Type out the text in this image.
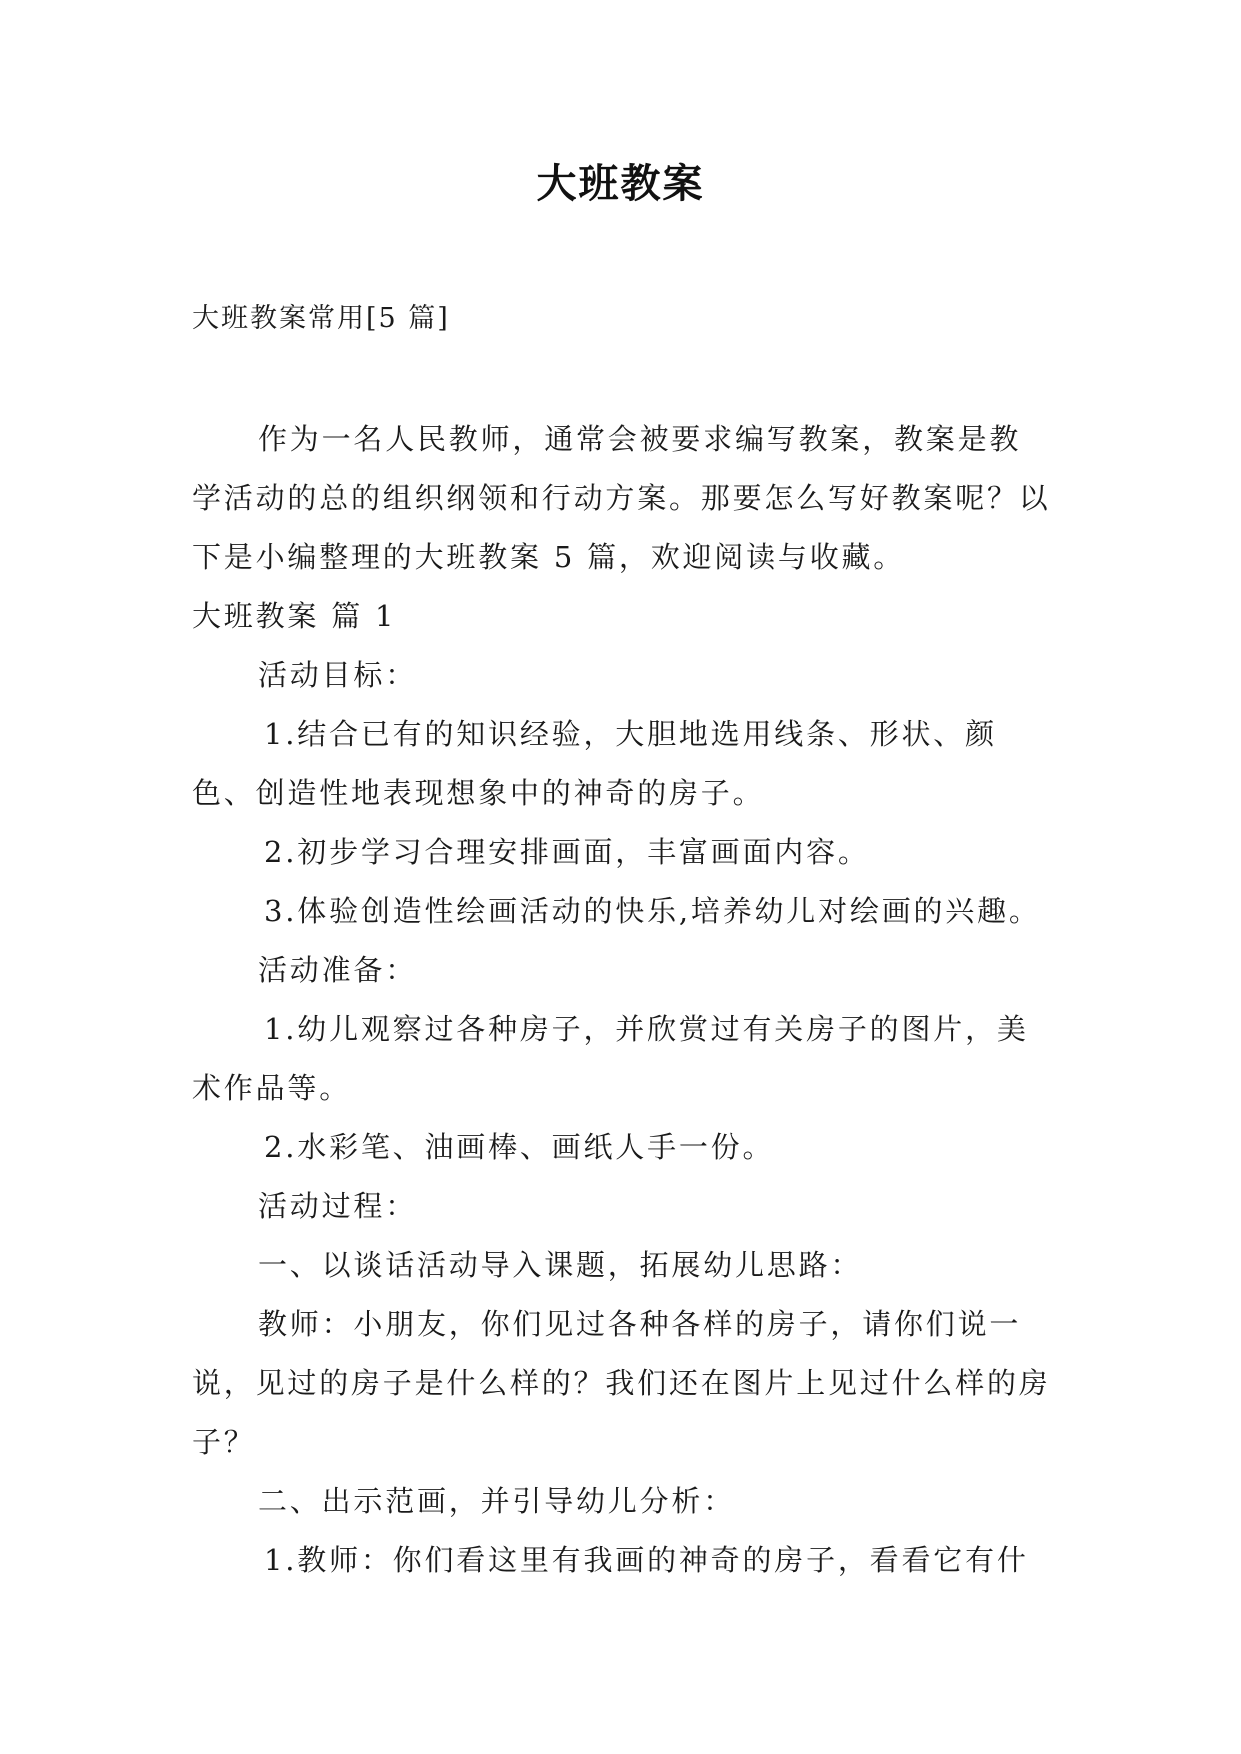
大班教案
大班教案常用[5 篇]

作为一名人民教师，通常会被要求编写教案，教案是教学活动的总的组织纲领和行动方案。那要怎么写好教案呢？以下是小编整理的大班教案 5 篇，欢迎阅读与收藏。

大班教案 篇 1

活动目标：

1.结合已有的知识经验，大胆地选用线条、形状、颜色、创造性地表现想象中的神奇的房子。

2.初步学习合理安排画面，丰富画面内容。

3.体验创造性绘画活动的快乐,培养幼儿对绘画的兴趣。

活动准备：

1.幼儿观察过各种房子，并欣赏过有关房子的图片，美术作品等。

2.水彩笔、油画棒、画纸人手一份。

活动过程：

一、以谈话活动导入课题，拓展幼儿思路：

教师：小朋友，你们见过各种各样的房子，请你们说一说，见过的房子是什么样的？我们还在图片上见过什么样的房子？

二、出示范画，并引导幼儿分析：

1.教师：你们看这里有我画的神奇的房子，看看它有什
